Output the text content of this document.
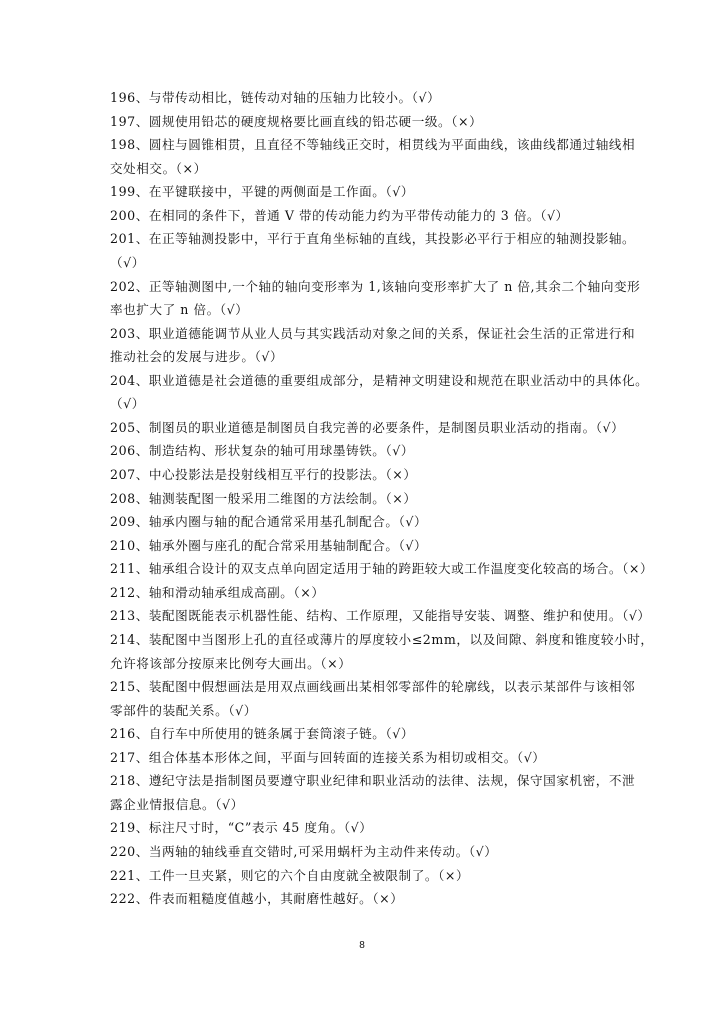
196、与带传动相比，链传动对轴的压轴力比较小。（√）
197、圆规使用铅芯的硬度规格要比画直线的铅芯硬一级。（×）
198、圆柱与圆锥相贯，且直径不等轴线正交时，相贯线为平面曲线，该曲线都通过轴线相
交处相交。（×）
199、在平键联接中，平键的两侧面是工作面。（√）
200、在相同的条件下，普通 V 带的传动能力约为平带传动能力的 3 倍。（√）
201、在正等轴测投影中，平行于直角坐标轴的直线，其投影必平行于相应的轴测投影轴。
（√）
202、正等轴测图中,一个轴的轴向变形率为 1,该轴向变形率扩大了 n 倍,其余二个轴向变形
率也扩大了 n 倍。（√）
203、职业道德能调节从业人员与其实践活动对象之间的关系，保证社会生活的正常进行和
推动社会的发展与进步。（√）
204、职业道德是社会道德的重要组成部分，是精神文明建设和规范在职业活动中的具体化。
（√）
205、制图员的职业道德是制图员自我完善的必要条件，是制图员职业活动的指南。（√）
206、制造结构、形状复杂的轴可用球墨铸铁。（√）
207、中心投影法是投射线相互平行的投影法。（×）
208、轴测装配图一般采用二维图的方法绘制。（×）
209、轴承内圈与轴的配合通常采用基孔制配合。（√）
210、轴承外圈与座孔的配合常采用基轴制配合。（√）
211、轴承组合设计的双支点单向固定适用于轴的跨距较大或工作温度变化较高的场合。（×）
212、轴和滑动轴承组成高副。（×）
213、装配图既能表示机器性能、结构、工作原理，又能指导安装、调整、维护和使用。（√）
214、装配图中当图形上孔的直径或薄片的厚度较小≤2mm，以及间隙、斜度和锥度较小时，
允许将该部分按原来比例夸大画出。（×）
215、装配图中假想画法是用双点画线画出某相邻零部件的轮廓线，以表示某部件与该相邻
零部件的装配关系。（√）
216、自行车中所使用的链条属于套筒滚子链。（√）
217、组合体基本形体之间，平面与回转面的连接关系为相切或相交。（√）
218、遵纪守法是指制图员要遵守职业纪律和职业活动的法律、法规，保守国家机密，不泄
露企业情报信息。（√）
219、标注尺寸时，“C”表示 45 度角。（√）
220、当两轴的轴线垂直交错时,可采用蜗杆为主动件来传动。（√）
221、工件一旦夹紧，则它的六个自由度就全被限制了。（×）
222、件表而粗糙度值越小，其耐磨性越好。（×）
8
